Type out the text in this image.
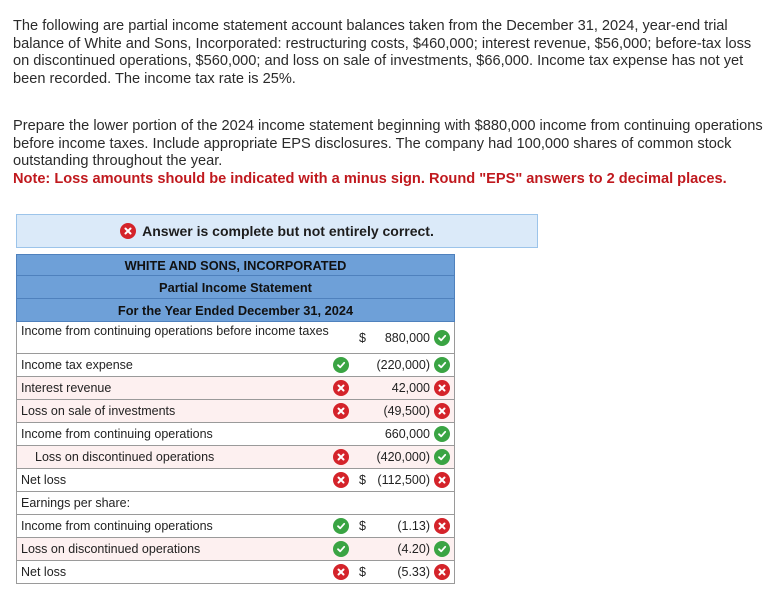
The following are partial income statement account balances taken from the December 31, 2024, year-end trial balance of White and Sons, Incorporated: restructuring costs, $460,000; interest revenue, $56,000; before-tax loss on discontinued operations, $560,000; and loss on sale of investments, $66,000. Income tax expense has not yet been recorded. The income tax rate is 25%.

Prepare the lower portion of the 2024 income statement beginning with $880,000 income from continuing operations before income taxes. Include appropriate EPS disclosures. The company had 100,000 shares of common stock outstanding throughout the year.
Note: Loss amounts should be indicated with a minus sign. Round "EPS" answers to 2 decimal places.

Answer is complete but not entirely correct.
WHITE AND SONS, INCORPORATED
Partial Income Statement
For the Year Ended December 31, 2024
Income from continuing operations before income taxes $ 880,000
Income tax expense	(220,000)
Interest revenue	42,000
Loss on sale of investments	(49,500)
Income from continuing operations	660,000
Loss on discontinued operations	(420,000)
Net loss	$ (112,500)
Earnings per share:
Income from continuing operations	$	(1.13)
Loss on discontinued operations	(4.20)
Net loss	$	(5.33)
